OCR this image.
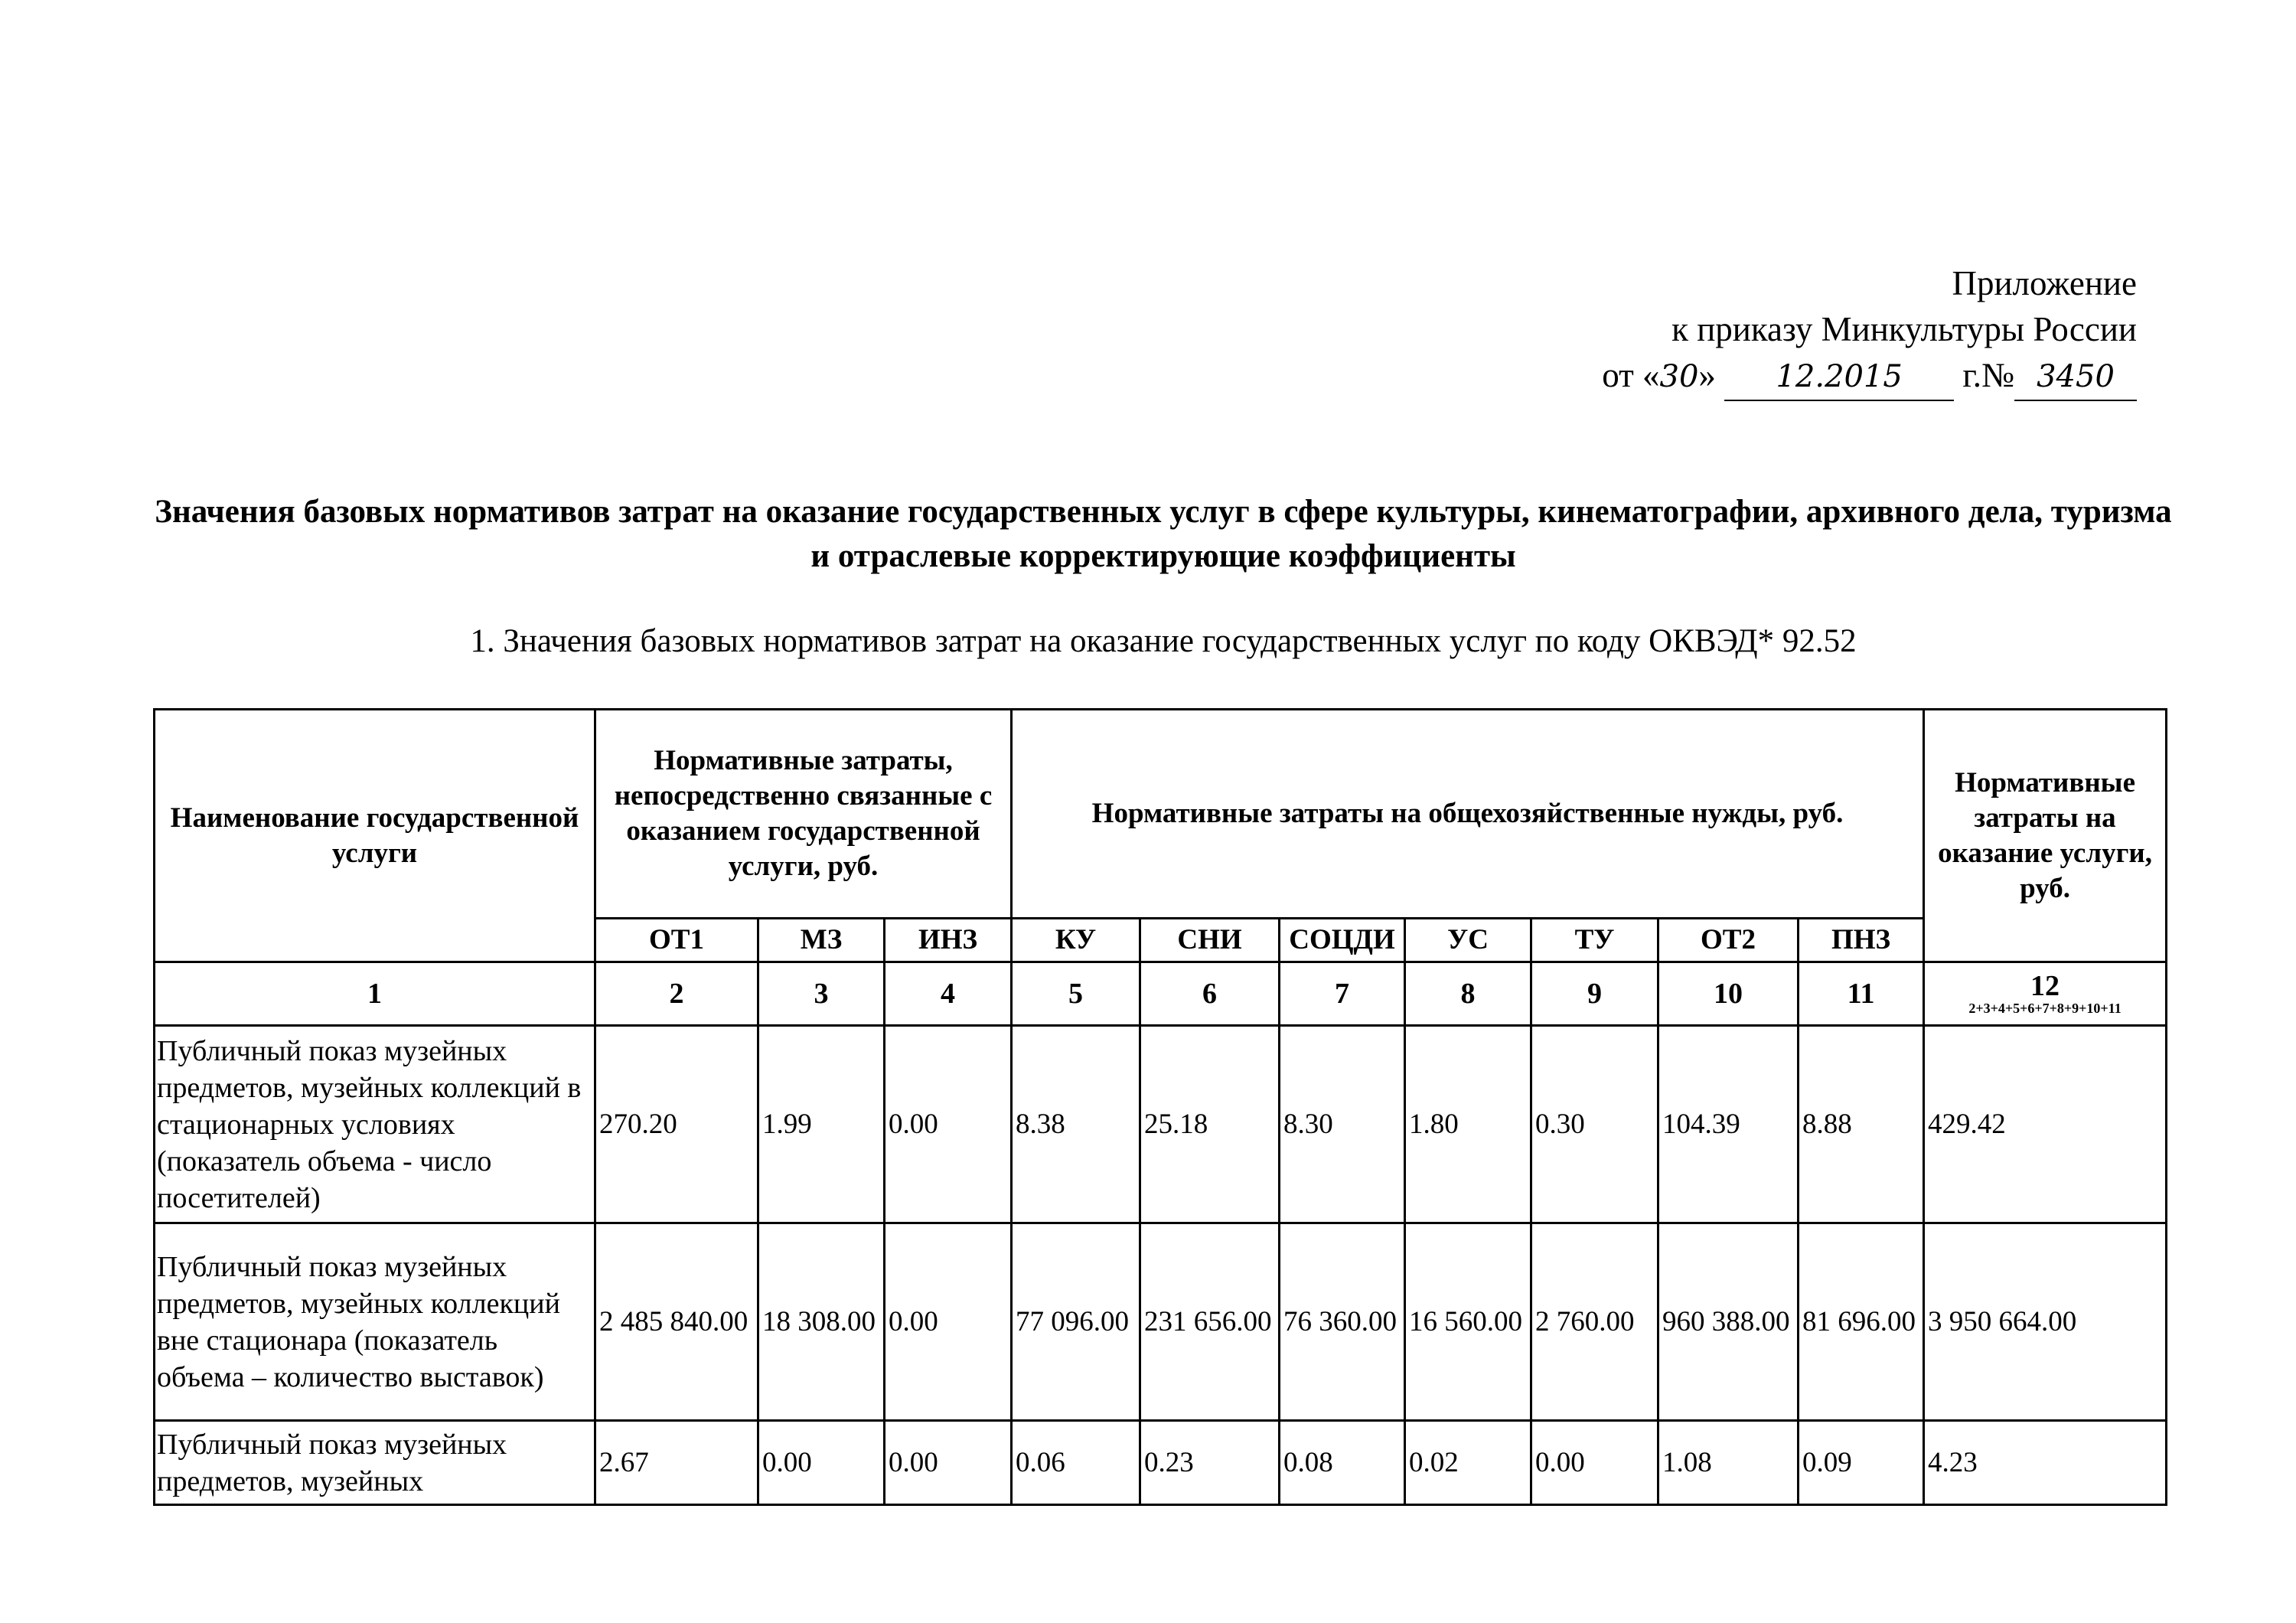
Приложение
к приказу Минкультуры России
от «30» 12.2015 г.№ 3450
Значения базовых нормативов затрат на оказание государственных услуг в сфере культуры, кинематографии, архивного дела, туризма и отраслевые корректирующие коэффициенты
1. Значения базовых нормативов затрат на оказание государственных услуг по коду ОКВЭД* 92.52
Наименование государственной услуги	Нормативные затраты, непосредственно связанные с оказанием государственной услуги, руб.			Нормативные затраты на общехозяйственные нужды, руб.							Нормативные затраты на оказание услуги, руб.
	ОТ1	МЗ	ИНЗ	КУ	СНИ	СОЦДИ	УС	ТУ	ОТ2	ПНЗ	
1	2	3	4	5	6	7	8	9	10	11	12
2+3+4+5+6+7+8+9+10+11

Публичный показ музейных предметов, музейных коллекций в стационарных условиях (показатель объема - число посетителей)	270.20	1.99	0.00	8.38	25.18	8.30	1.80	0.30	104.39	8.88	429.42
Публичный показ музейных предметов, музейных коллекций вне стационара (показатель объема – количество выставок)	2 485 840.00	18 308.00	0.00	77 096.00	231 656.00	76 360.00	16 560.00	2 760.00	960 388.00	81 696.00	3 950 664.00
Публичный показ музейных предметов, музейных	2.67	0.00	0.00	0.06	0.23	0.08	0.02	0.00	1.08	0.09	4.23
